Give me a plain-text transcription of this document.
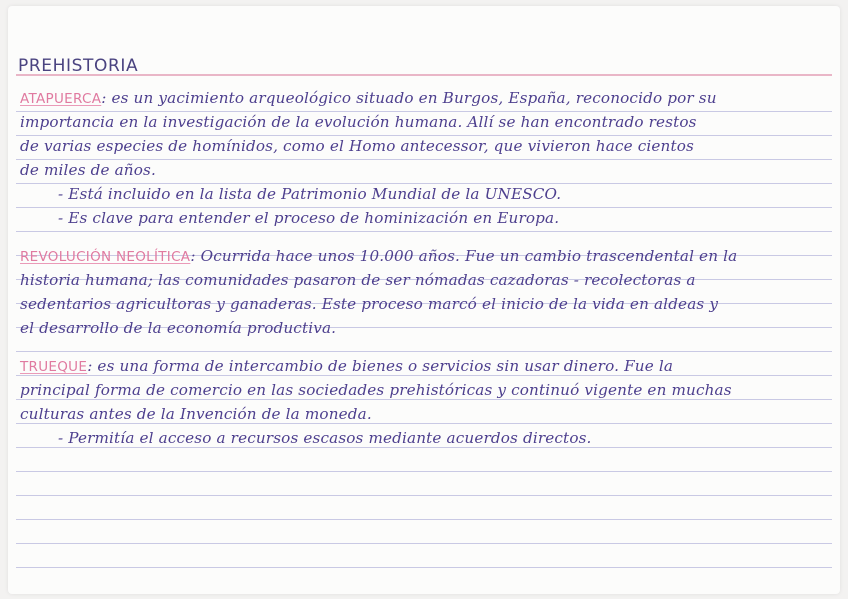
PREHISTORIA
ATAPUERCA: es un yacimiento arqueológico situado en Burgos, España, reconocido por su
importancia en la investigación de la evolución humana. Allí se han encontrado restos
de varias especies de homínidos, como el Homo antecessor, que vivieron hace cientos
de miles de años.
- Está incluido en la lista de Patrimonio Mundial de la UNESCO.
- Es clave para entender el proceso de hominización en Europa.
REVOLUCIÓN NEOLÍTICA: Ocurrida hace unos 10.000 años. Fue un cambio trascendental en la
historia humana; las comunidades pasaron de ser nómadas cazadoras - recolectoras a
sedentarios agricultoras y ganaderas. Este proceso marcó el inicio de la vida en aldeas y
el desarrollo de la economía productiva.
TRUEQUE: es una forma de intercambio de bienes o servicios sin usar dinero. Fue la
principal forma de comercio en las sociedades prehistóricas y continuó vigente en muchas
culturas antes de la Invención de la moneda.
- Permitía el acceso a recursos escasos mediante acuerdos directos.
